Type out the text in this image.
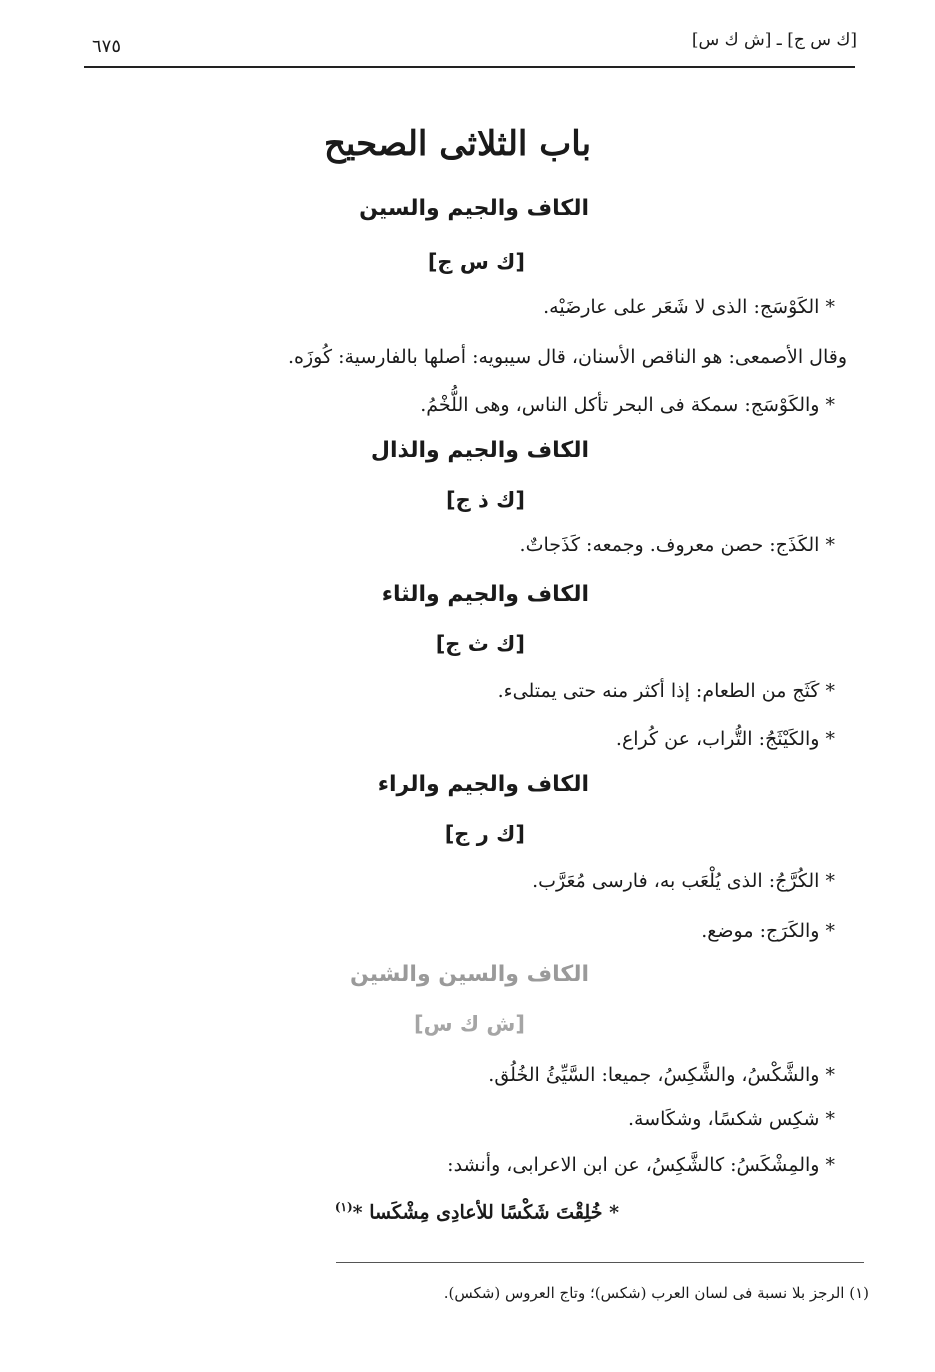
[ك س ج] ـ [ش ك س]
٦٧٥
باب الثلاثى الصحيح
الكاف والجيم والسين
[ك س ج]
* الكَوْسَج: الذى لا شَعَر على عارضَيْه.
وقال الأصمعى: هو الناقص الأسنان، قال سيبويه: أصلها بالفارسية: كُوزَه.
* والكَوْسَج: سمكة فى البحر تأكل الناس، وهى اللُّخْمُ.
الكاف والجيم والذال
[ك ذ ج]
* الكَذَج: حصن معروف. وجمعه: كَذَجاتٌ.
الكاف والجيم والثاء
[ك ث ج]
* كَثَج من الطعام: إذا أكثر منه حتى يمتلىء.
* والكَيْثَجُ: التُّراب، عن كُراع.
الكاف والجيم والراء
[ك ر ج]
* الكُرَّجُ: الذى يُلْعَب به، فارسى مُعَرَّب.
* والكَرَج: موضع.
الكاف والسين والشين
[ش ك س]
* والشَّكْسُ، والشَّكِسُ، جميعا: السَّيِّئُ الخُلُق.
* شكِس شكسًا، وشكَاسة.
* والمِشْكَسُ: كالشَّكِسُ، عن ابن الاعرابى، وأنشد:
* خُلِقْتَ شَكْسًا للأعادِى مِشْكَسا *$^{(١)}$
(١) الرجز بلا نسبة فى لسان العرب (شكس)؛ وتاج العروس (شكس).
